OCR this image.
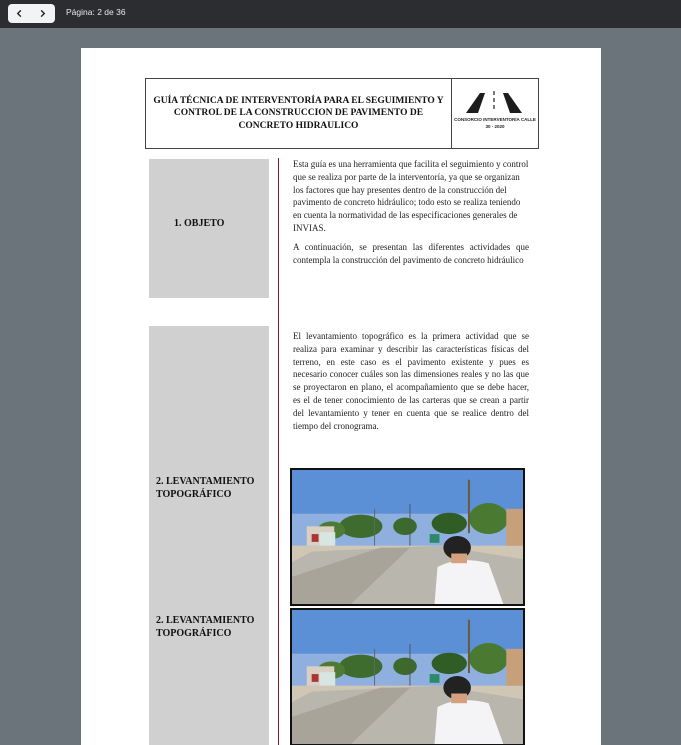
Página: 2 de 36
GUÍA TÉCNICA DE INTERVENTORÍA PARA EL SEGUIMIENTO Y CONTROL DE LA CONSTRUCCION DE PAVIMENTO DE CONCRETO HIDRAULICO
CONSORCIO INTERVENTORÍA CALLE 30 - 2020
1. OBJETO
2. LEVANTAMIENTO TOPOGRÁFICO
2. LEVANTAMIENTO TOPOGRÁFICO

Esta guía es una herramienta que facilita el seguimiento y control que se realiza por parte de la interventoría, ya que se organizan los factores que hay presentes dentro de la construcción del pavimento de concreto hidráulico; todo esto se realiza teniendo en cuenta la normatividad de las especificaciones generales de INVIAS.

A continuación, se presentan las diferentes actividades que contempla la construcción del pavimento de concreto hidráulico

El levantamiento topográfico es la primera actividad que se realiza para examinar y describir las características físicas del terreno, en este caso es el pavimento existente y pues es necesario conocer cuáles son las dimensiones reales y no las que se proyectaron en plano, el acompañamiento que se debe hacer, es el de tener conocimiento de las carteras que se crean a partir del levantamiento y tener en cuenta que se realice dentro del tiempo del cronograma.
